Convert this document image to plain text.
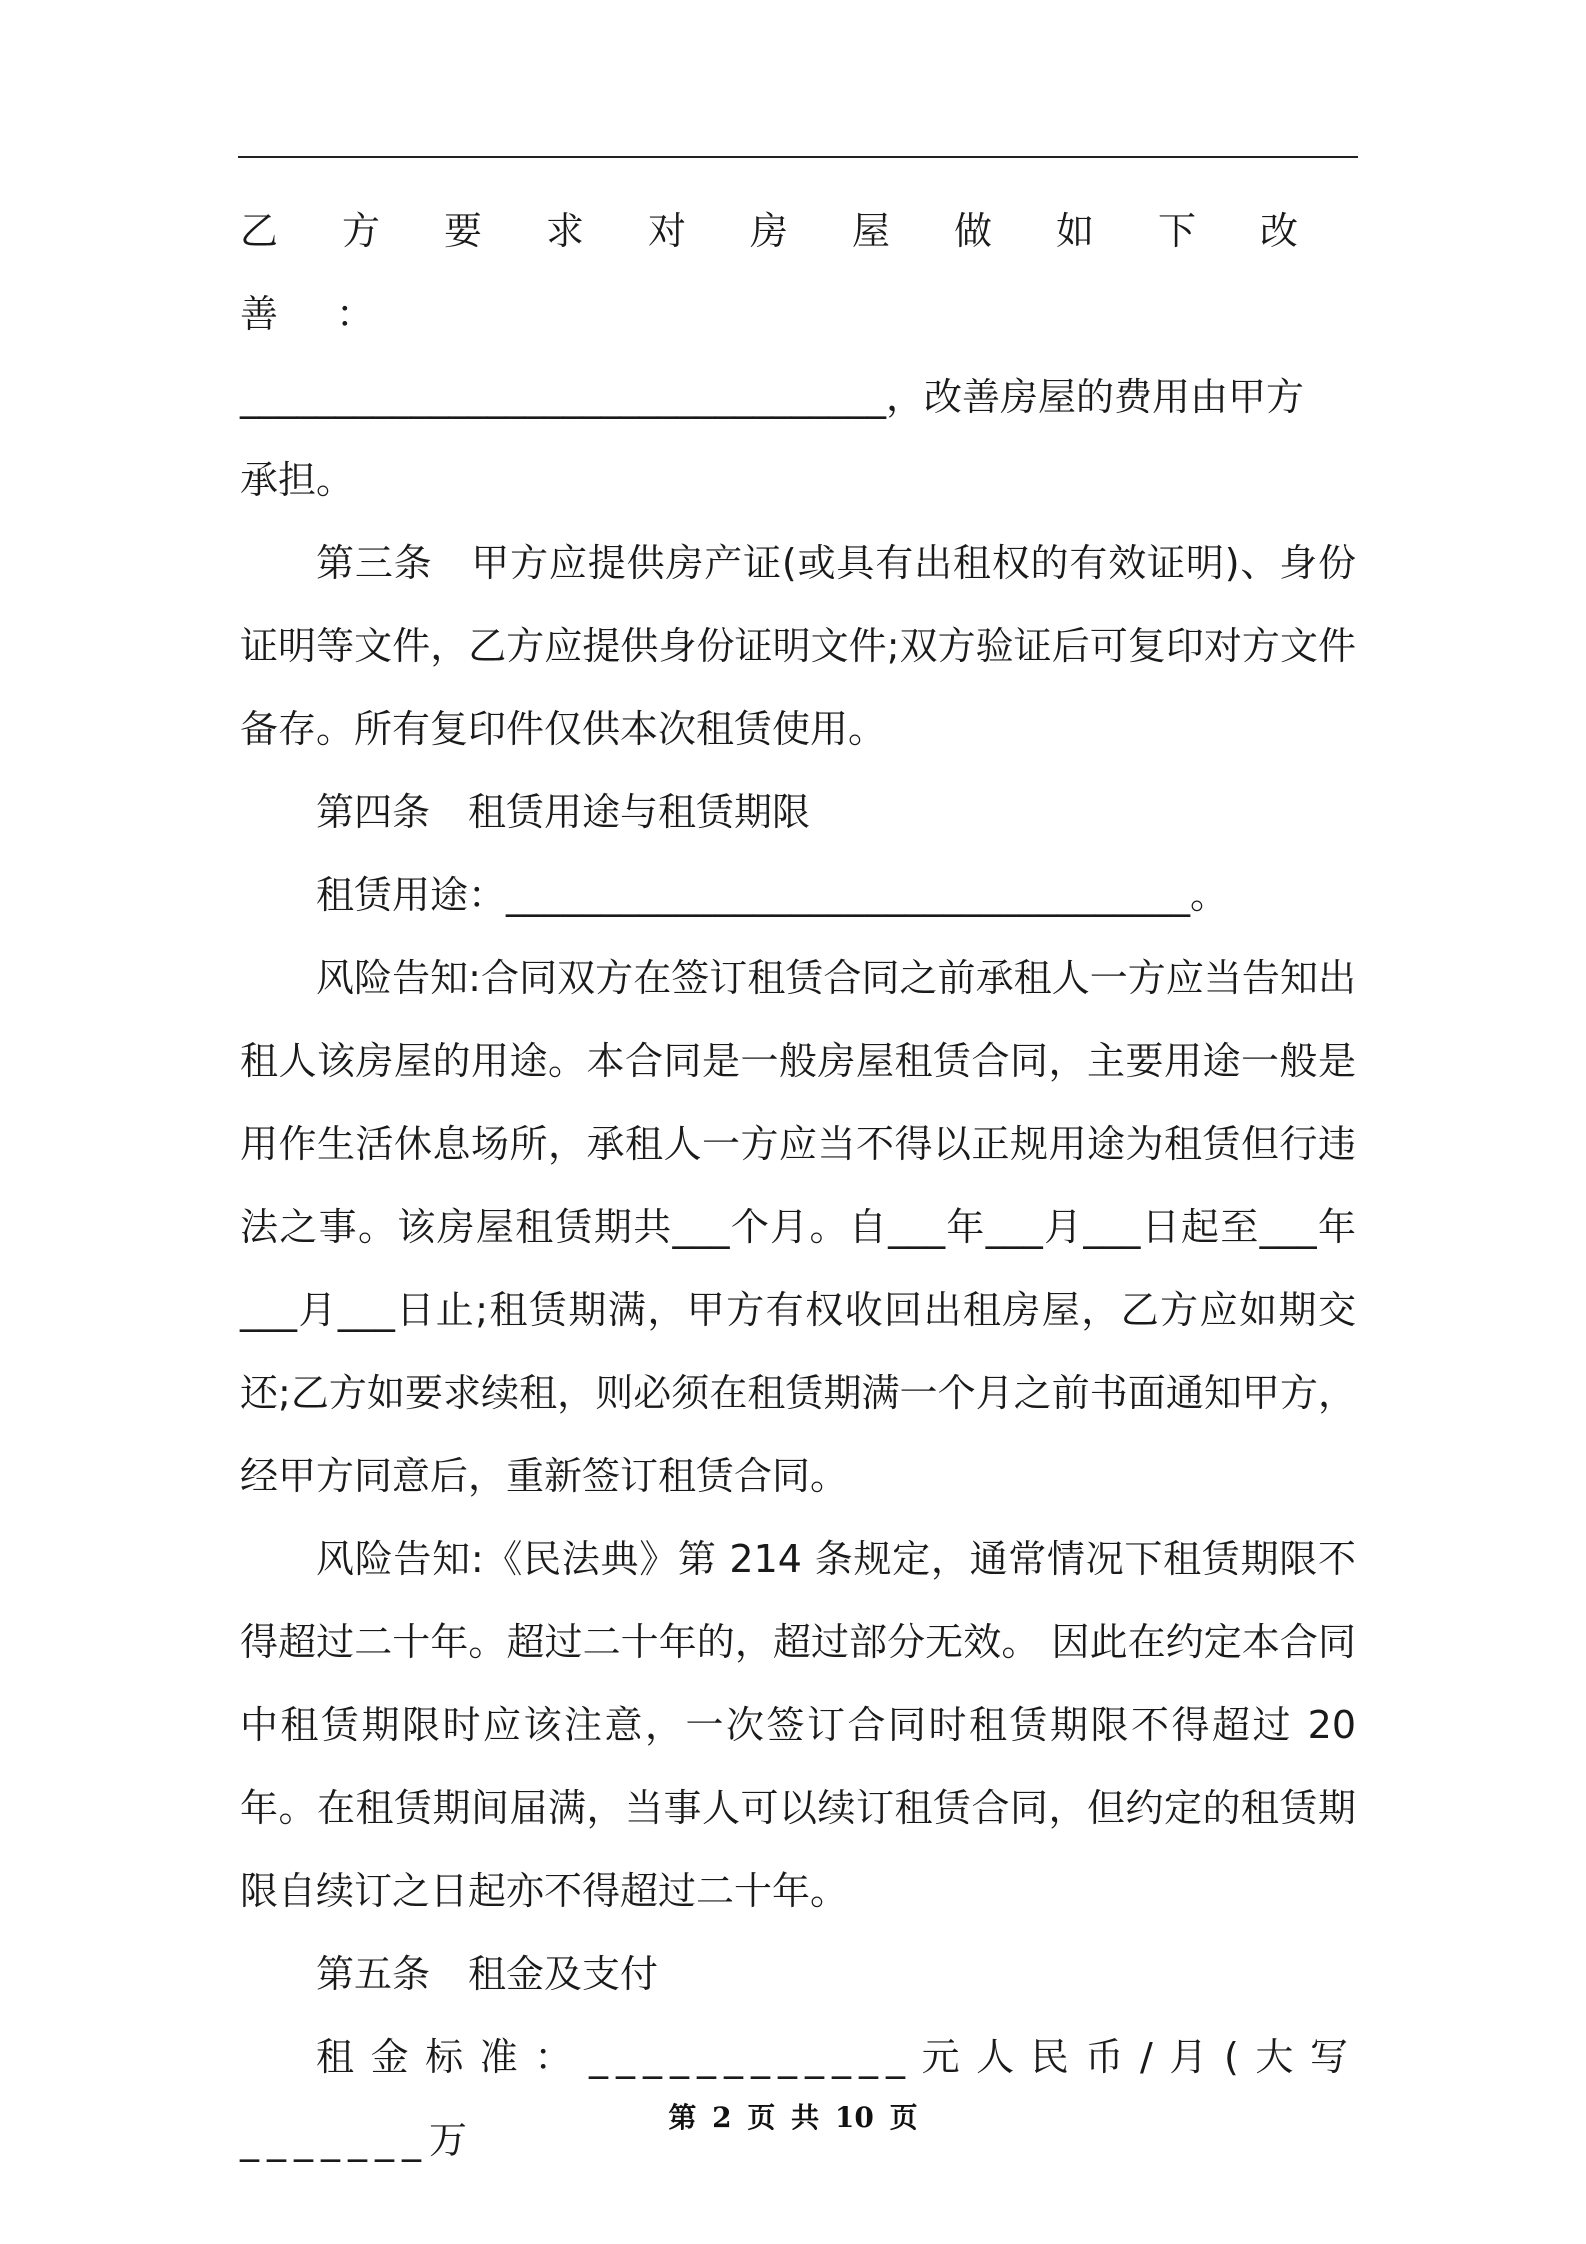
乙方要求对房屋做如下改善：

__________________________________，改善房屋的费用由甲方

承担。

第三条　甲方应提供房产证(或具有出租权的有效证明)、身份证明等文件，乙方应提供身份证明文件;双方验证后可复印对方文件备存。所有复印件仅供本次租赁使用。

第四条　租赁用途与租赁期限

租赁用途：____________________________________。

风险告知:合同双方在签订租赁合同之前承租人一方应当告知出租人该房屋的用途。本合同是一般房屋租赁合同，主要用途一般是用作生活休息场所，承租人一方应当不得以正规用途为租赁但行违法之事。该房屋租赁期共___个月。自___年___月___日起至___年___月___日止;租赁期满，甲方有权收回出租房屋，乙方应如期交还;乙方如要求续租，则必须在租赁期满一个月之前书面通知甲方，经甲方同意后，重新签订租赁合同。

风险告知:《民法典》第 214 条规定，通常情况下租赁期限不得超过二十年。超过二十年的，超过部分无效。 因此在约定本合同中租赁期限时应该注意，一次签订合同时租赁期限不得超过 20 年。在租赁期间届满，当事人可以续订租赁合同，但约定的租赁期限自续订之日起亦不得超过二十年。

第五条　租金及支付

租金标准：____________元人民币/月(大写_______万

第 2 页 共 10 页
